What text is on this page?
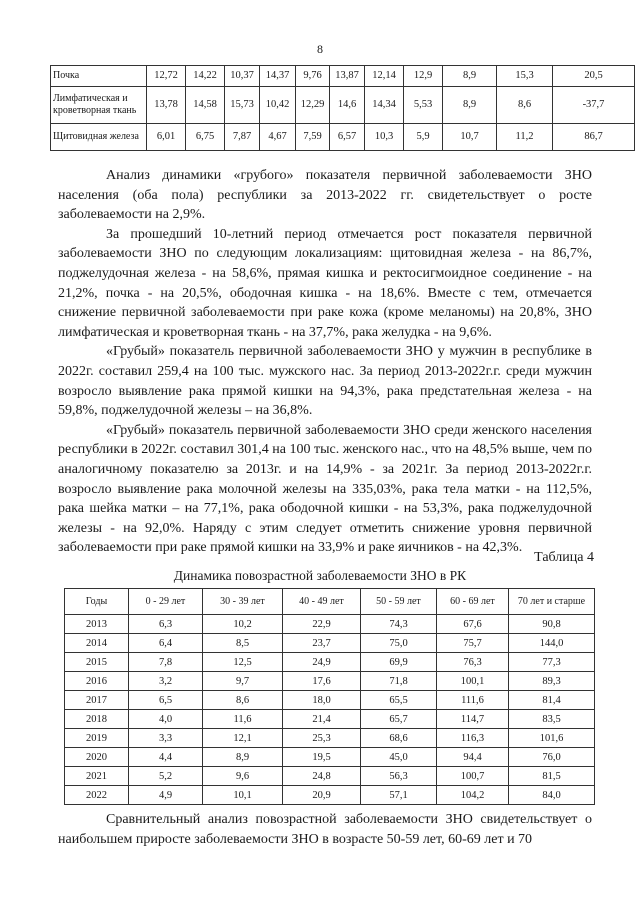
8
Почка	12,72	14,22	10,37	14,37	9,76	13,87	12,14	12,9	8,9	15,3	20,5
Лимфатическая и кроветворная ткань	13,78	14,58	15,73	10,42	12,29	14,6	14,34	5,53	8,9	8,6	-37,7
Щитовидная железа	6,01	6,75	7,87	4,67	7,59	6,57	10,3	5,9	10,7	11,2	86,7

Анализ динамики «грубого» показателя первичной заболеваемости ЗНО населения (оба пола) республики за 2013-2022 гг. свидетельствует о росте заболеваемости на 2,9%.

За прошедший 10-летний период отмечается рост показателя первичной заболеваемости ЗНО по следующим локализациям: щитовидная железа - на 86,7%, поджелудочная железа - на 58,6%, прямая кишка и ректосигмоидное соединение - на 21,2%, почка - на 20,5%, ободочная кишка - на 18,6%. Вместе с тем, отмечается снижение первичной заболеваемости при раке кожа (кроме меланомы) на 20,8%, ЗНО лимфатическая и кроветворная ткань - на 37,7%, рака желудка - на 9,6%.

«Грубый» показатель первичной заболеваемости ЗНО у мужчин в республике в 2022г. составил 259,4 на 100 тыс. мужского нас. За период 2013-2022г.г. среди мужчин возросло выявление рака прямой кишки на 94,3%, рака предстательная железа - на 59,8%, поджелудочной железы – на 36,8%.

«Грубый» показатель первичной заболеваемости ЗНО среди женского населения республики в 2022г. составил 301,4 на 100 тыс. женского нас., что на 48,5% выше, чем по аналогичному показателю за 2013г. и на 14,9% - за 2021г. За период 2013-2022г.г. возросло выявление рака молочной железы на 335,03%, рака тела матки - на 112,5%, рака шейка матки – на 77,1%, рака ободочной кишки - на 53,3%, рака поджелудочной железы - на 92,0%. Наряду с этим следует отметить снижение уровня первичной заболеваемости при раке прямой кишки на 33,9% и раке яичников - на 42,3%.

Таблица 4
Динамика повозрастной заболеваемости ЗНО в РК
Годы	0 - 29 лет	30 - 39 лет	40 - 49 лет	50 - 59 лет	60 - 69 лет	70 лет и старше
2013	6,3	10,2	22,9	74,3	67,6	90,8
2014	6,4	8,5	23,7	75,0	75,7	144,0
2015	7,8	12,5	24,9	69,9	76,3	77,3
2016	3,2	9,7	17,6	71,8	100,1	89,3
2017	6,5	8,6	18,0	65,5	111,6	81,4
2018	4,0	11,6	21,4	65,7	114,7	83,5
2019	3,3	12,1	25,3	68,6	116,3	101,6
2020	4,4	8,9	19,5	45,0	94,4	76,0
2021	5,2	9,6	24,8	56,3	100,7	81,5
2022	4,9	10,1	20,9	57,1	104,2	84,0

Сравнительный анализ повозрастной заболеваемости ЗНО свидетельствует о наибольшем приросте заболеваемости ЗНО в возрасте 50-59 лет, 60-69 лет и 70
